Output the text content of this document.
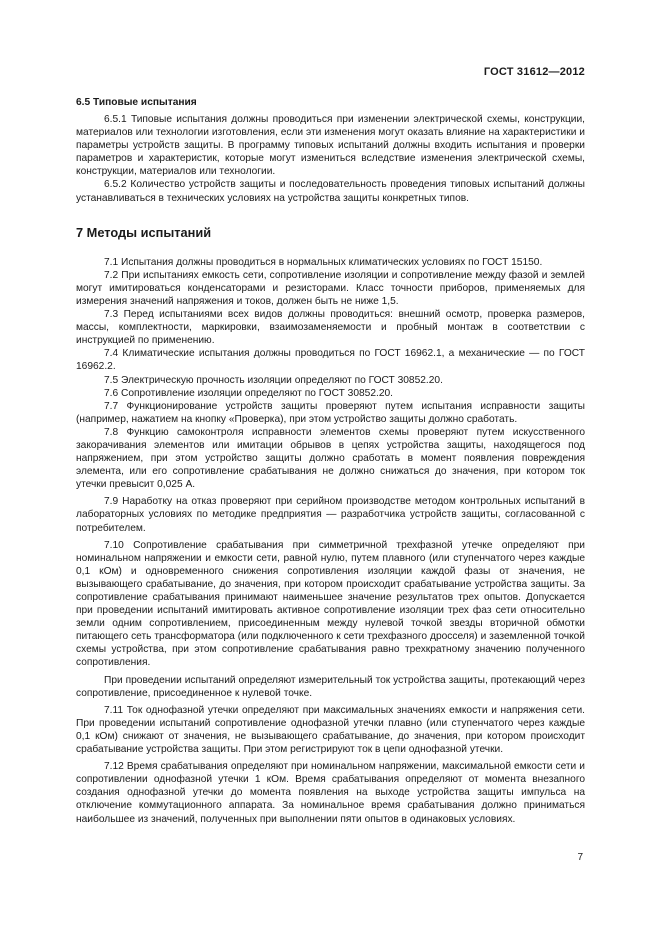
ГОСТ 31612—2012
6.5 Типовые испытания

6.5.1 Типовые испытания должны проводиться при изменении электрической схемы, конструкции, материалов или технологии изготовления, если эти изменения могут оказать влияние на характеристики и параметры устройств защиты. В программу типовых испытаний должны входить испытания и проверки параметров и характеристик, которые могут измениться вследствие изменения электрической схемы, конструкции, материалов или технологии.

6.5.2 Количество устройств защиты и последовательность проведения типовых испытаний должны устанавливаться в технических условиях на устройства защиты конкретных типов.

7 Методы испытаний

7.1 Испытания должны проводиться в нормальных климатических условиях по ГОСТ 15150.

7.2 При испытаниях емкость сети, сопротивление изоляции и сопротивление между фазой и землей могут имитироваться конденсаторами и резисторами. Класс точности приборов, применяемых для измерения значений напряжения и токов, должен быть не ниже 1,5.

7.3 Перед испытаниями всех видов должны проводиться: внешний осмотр, проверка размеров, массы, комплектности, маркировки, взаимозаменяемости и пробный монтаж в соответствии с инструкцией по применению.

7.4 Климатические испытания должны проводиться по ГОСТ 16962.1, а механические — по ГОСТ 16962.2.

7.5 Электрическую прочность изоляции определяют по ГОСТ 30852.20.

7.6 Сопротивление изоляции определяют по ГОСТ 30852.20.

7.7 Функционирование устройств защиты проверяют путем испытания исправности защиты (например, нажатием на кнопку «Проверка), при этом устройство защиты должно сработать.

7.8 Функцию самоконтроля исправности элементов схемы проверяют путем искусственного закорачивания элементов или имитации обрывов в цепях устройства защиты, находящегося под напряжением, при этом устройство защиты должно сработать в момент появления повреждения элемента, или его сопротивление срабатывания не должно снижаться до значения, при котором ток утечки превысит 0,025 А.

7.9 Наработку на отказ проверяют при серийном производстве методом контрольных испытаний в лабораторных условиях по методике предприятия — разработчика устройств защиты, согласованной с потребителем.

7.10 Сопротивление срабатывания при симметричной трехфазной утечке определяют при номинальном напряжении и емкости сети, равной нулю, путем плавного (или ступенчатого через каждые 0,1 кОм) и одновременного снижения сопротивления изоляции каждой фазы от значения, не вызывающего срабатывание, до значения, при котором происходит срабатывание устройства защиты. За сопротивление срабатывания принимают наименьшее значение результатов трех опытов. Допускается при проведении испытаний имитировать активное сопротивление изоляции трех фаз сети относительно земли одним сопротивлением, присоединенным между нулевой точкой звезды вторичной обмотки питающего сеть трансформатора (или подключенного к сети трехфазного дросселя) и заземленной точкой схемы устройства, при этом сопротивление срабатывания равно трехкратному значению полученного сопротивления.

При проведении испытаний определяют измерительный ток устройства защиты, протекающий через сопротивление, присоединенное к нулевой точке.

7.11 Ток однофазной утечки определяют при максимальных значениях емкости и напряжения сети. При проведении испытаний сопротивление однофазной утечки плавно (или ступенчатого через каждые 0,1 кОм) снижают от значения, не вызывающего срабатывание, до значения, при котором происходит срабатывание устройства защиты. При этом регистрируют ток в цепи однофазной утечки.

7.12 Время срабатывания определяют при номинальном напряжении, максимальной емкости сети и сопротивлении однофазной утечки 1 кОм. Время срабатывания определяют от момента внезапного создания однофазной утечки до момента появления на выходе устройства защиты импульса на отключение коммутационного аппарата. За номинальное время срабатывания должно приниматься наибольшее из значений, полученных при выполнении пяти опытов в одинаковых условиях.

7
